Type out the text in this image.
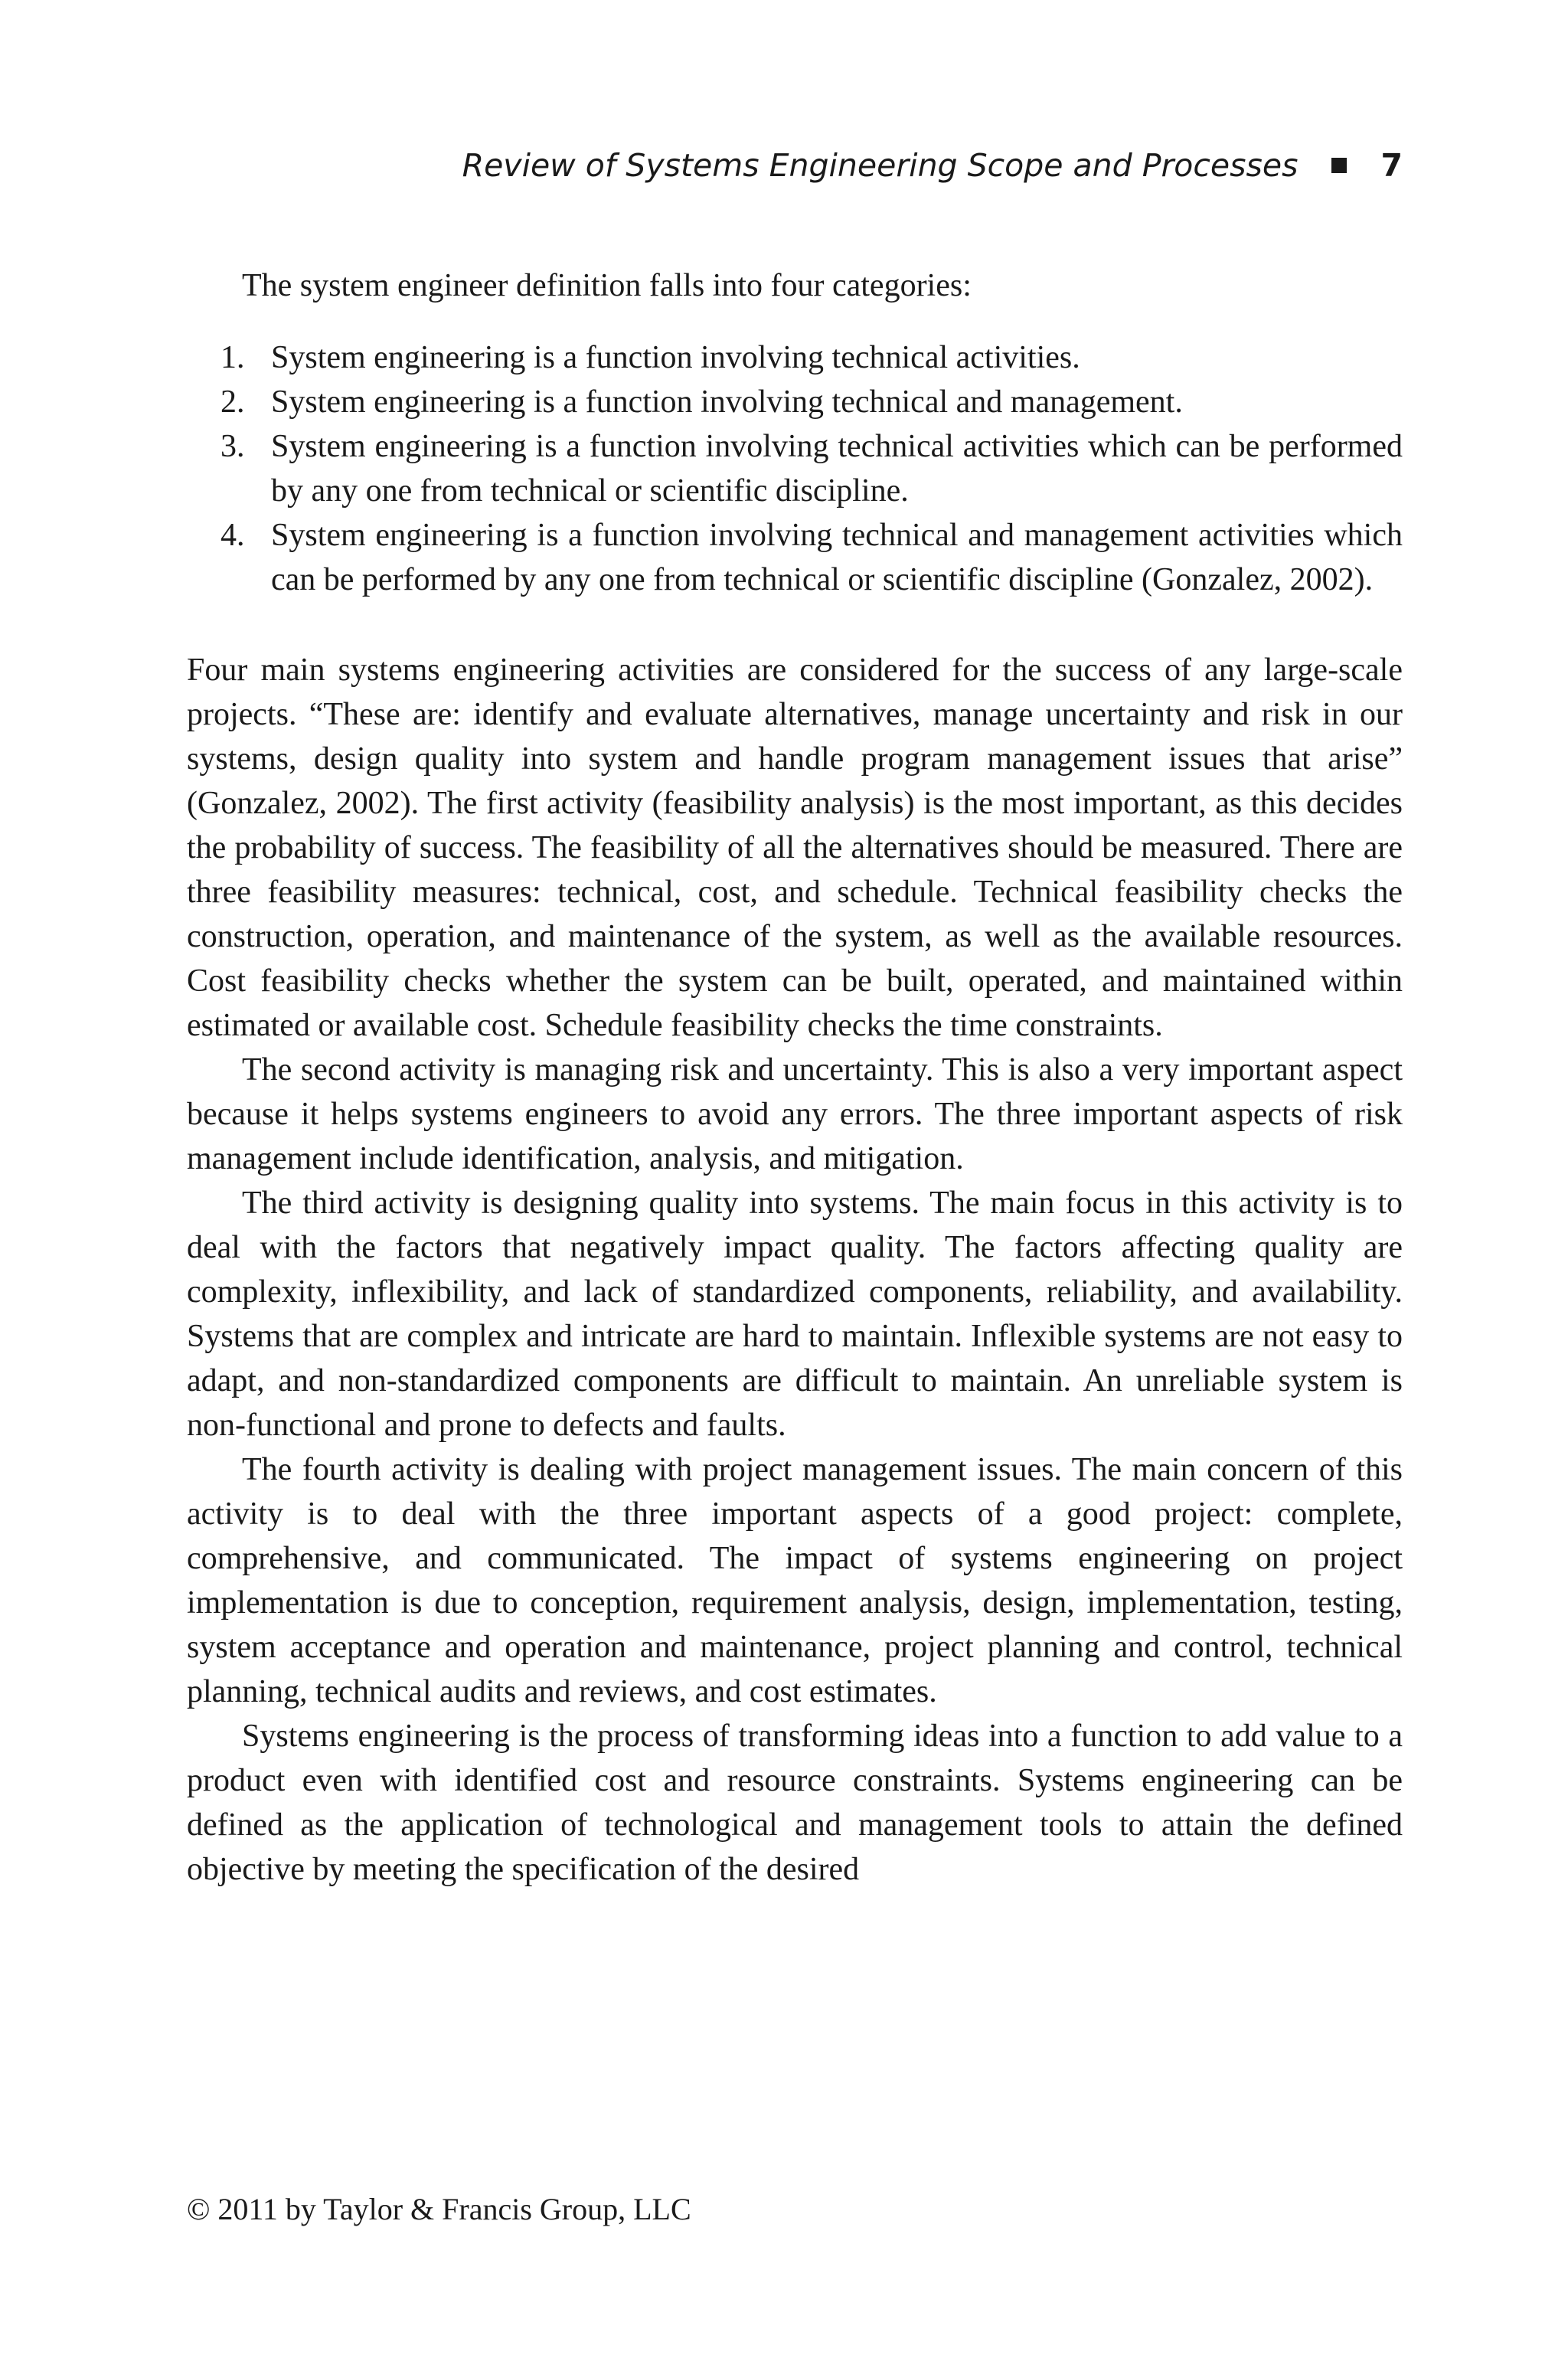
Review of Systems Engineering Scope and Processes	7

The system engineer definition falls into four categories:

1. System engineering is a function involving technical activities.
2. System engineering is a function involving technical and management.
3. System engineering is a function involving technical activities which can be performed by any one from technical or scientific discipline.
4. System engineering is a function involving technical and management activities which can be performed by any one from technical or scientific discipline (Gonzalez, 2002).

Four main systems engineering activities are considered for the success of any large-scale projects. “These are: identify and evaluate alternatives, manage uncertainty and risk in our systems, design quality into system and handle program management issues that arise” (Gonzalez, 2002). The first activity (feasibility analysis) is the most important, as this decides the probability of success. The feasibility of all the alternatives should be measured. There are three feasibility measures: technical, cost, and schedule. Technical feasibility checks the construction, operation, and maintenance of the system, as well as the available resources. Cost feasibility checks whether the system can be built, operated, and maintained within estimated or available cost. Schedule feasibility checks the time constraints.

The second activity is managing risk and uncertainty. This is also a very important aspect because it helps systems engineers to avoid any errors. The three important aspects of risk management include identification, analysis, and mitigation.

The third activity is designing quality into systems. The main focus in this activity is to deal with the factors that negatively impact quality. The factors affecting quality are complexity, inflexibility, and lack of standardized components, reliability, and availability. Systems that are complex and intricate are hard to maintain. Inflexible systems are not easy to adapt, and non-standardized components are difficult to maintain. An unreliable system is non-functional and prone to defects and faults.

The fourth activity is dealing with project management issues. The main concern of this activity is to deal with the three important aspects of a good project: complete, comprehensive, and communicated. The impact of systems engineering on project implementation is due to conception, requirement analysis, design, implementation, testing, system acceptance and operation and maintenance, project planning and control, technical planning, technical audits and reviews, and cost estimates.

Systems engineering is the process of transforming ideas into a function to add value to a product even with identified cost and resource constraints. Systems engineering can be defined as the application of technological and management tools to attain the defined objective by meeting the specification of the desired

© 2011 by Taylor & Francis Group, LLC
